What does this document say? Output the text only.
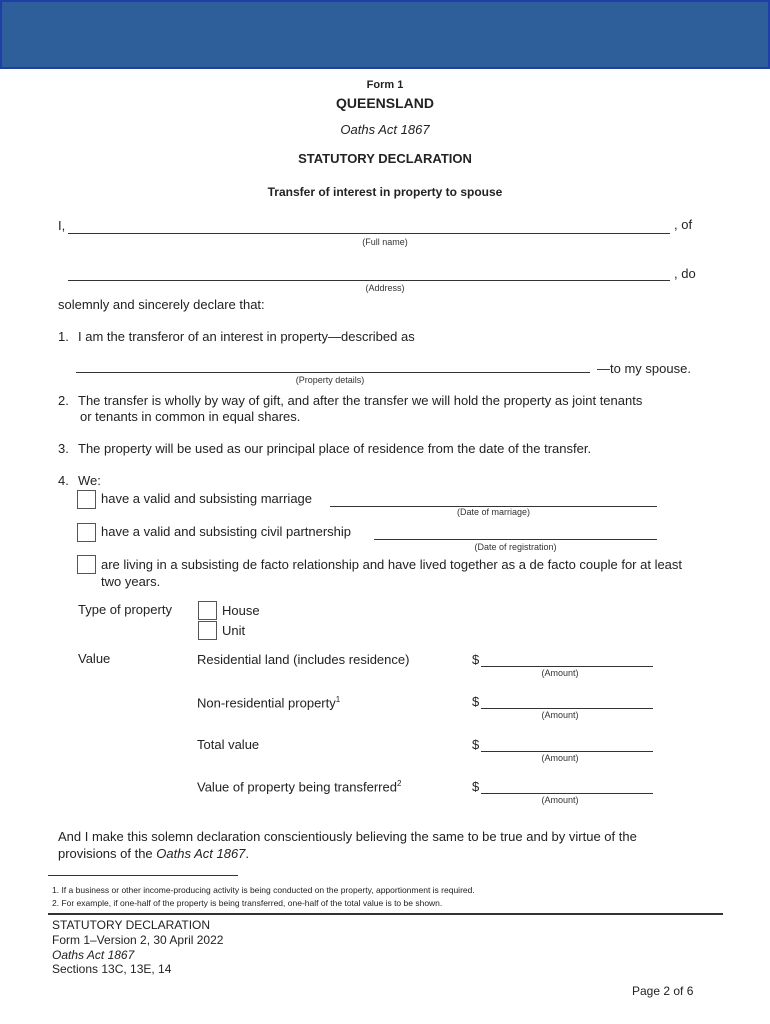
Form 1
QUEENSLAND
Oaths Act 1867
STATUTORY DECLARATION
Transfer of interest in property to spouse
I,	, of
(Full name)
, do
(Address)
solemnly and sincerely declare that:
1. I am the transferor of an interest in property—described as
(Property details)
—to my spouse.
2. The transfer is wholly by way of gift, and after the transfer we will hold the property as joint tenants
or tenants in common in equal shares.
3. The property will be used as our principal place of residence from the date of the transfer.
4. We:
have a valid and subsisting marriage
(Date of marriage)
have a valid and subsisting civil partnership
(Date of registration)
are living in a subsisting de facto relationship and have lived together as a de facto couple for at least
two years.
Type of property	House
Unit
Value	Residential land (includes residence)	$
(Amount)
Non-residential property$^1$	$
(Amount)
Total value	$
(Amount)
Value of property being transferred$^2$	$
(Amount)
And I make this solemn declaration conscientiously believing the same to be true and by virtue of the
provisions of the Oaths Act 1867.
1. If a business or other income-producing activity is being conducted on the property, apportionment is required.
2. For example, if one-half of the property is being transferred, one-half of the total value is to be shown.
STATUTORY DECLARATION
Form 1–Version 2, 30 April 2022
Oaths Act 1867
Sections 13C, 13E, 14
Page 2 of 6
